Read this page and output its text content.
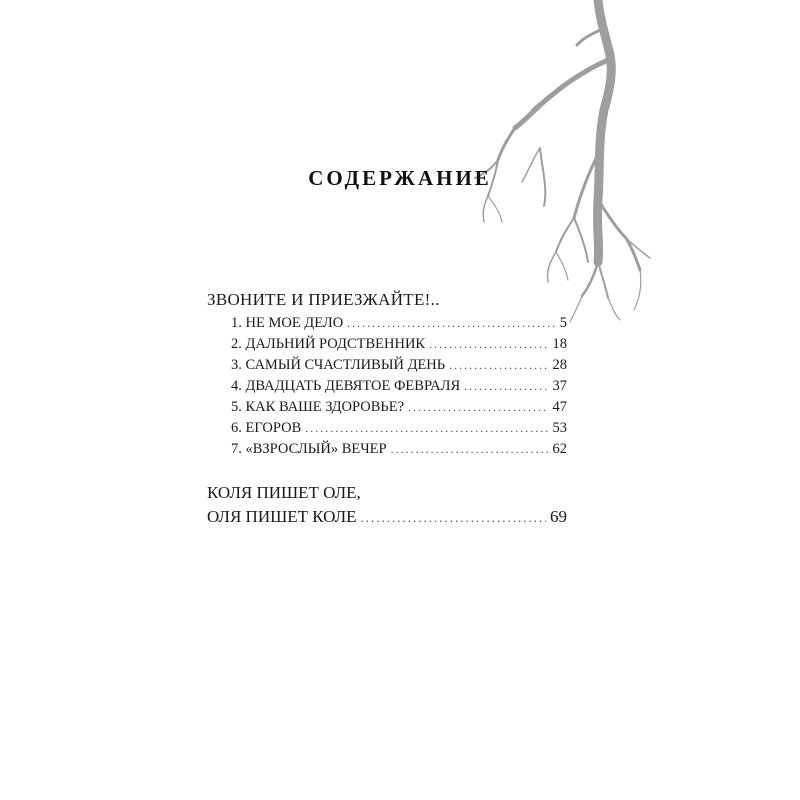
СОДЕРЖАНИЕ
ЗВОНИТЕ И ПРИЕЗЖАЙТЕ!..
1. НЕ МОЕ ДЕЛО .....	5
2. ДАЛЬНИЙ РОДСТВЕННИК .....	18
3. САМЫЙ СЧАСТЛИВЫЙ ДЕНЬ .....	28
4. ДВАДЦАТЬ ДЕВЯТОЕ ФЕВРАЛЯ .....	37
5. КАК ВАШЕ ЗДОРОВЬЕ? .....	47
6. ЕГОРОВ .....	53
7. «ВЗРОСЛЫЙ» ВЕЧЕР .....	62
КОЛЯ ПИШЕТ ОЛЕ,
ОЛЯ ПИШЕТ КОЛЕ .....	69
